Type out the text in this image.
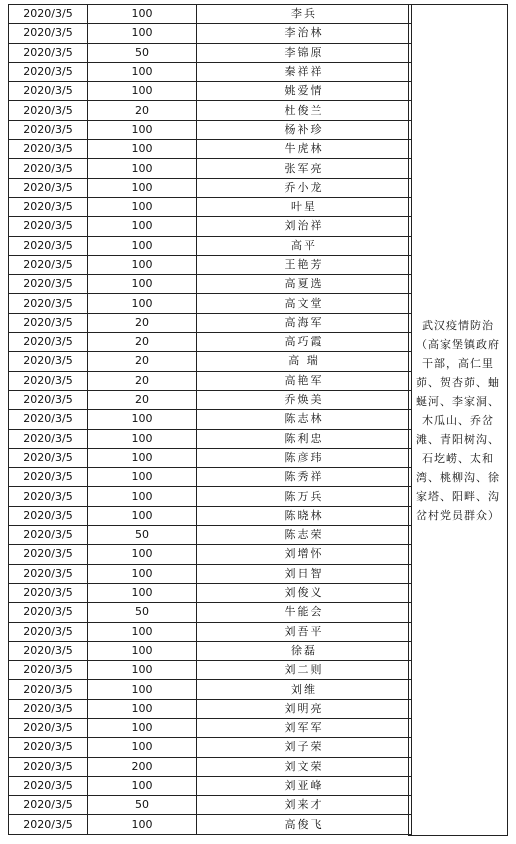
2020/3/5	100	李兵
2020/3/5	100	李治林
2020/3/5	50	李锦原
2020/3/5	100	秦祥祥
2020/3/5	100	姚爱情
2020/3/5	20	杜俊兰
2020/3/5	100	杨补珍
2020/3/5	100	牛虎林
2020/3/5	100	张军亮
2020/3/5	100	乔小龙
2020/3/5	100	叶星
2020/3/5	100	刘治祥
2020/3/5	100	高平
2020/3/5	100	王艳芳
2020/3/5	100	高夏选
2020/3/5	100	高文堂
2020/3/5	20	高海军
2020/3/5	20	高巧霞
2020/3/5	20	高 瑞
2020/3/5	20	高艳军
2020/3/5	20	乔焕美
2020/3/5	100	陈志林
2020/3/5	100	陈利忠
2020/3/5	100	陈彦玮
2020/3/5	100	陈秀祥
2020/3/5	100	陈万兵
2020/3/5	100	陈晓林
2020/3/5	50	陈志荣
2020/3/5	100	刘增怀
2020/3/5	100	刘日智
2020/3/5	100	刘俊义
2020/3/5	50	牛能会
2020/3/5	100	刘吾平
2020/3/5	100	徐磊
2020/3/5	100	刘二则
2020/3/5	100	刘维
2020/3/5	100	刘明亮
2020/3/5	100	刘军军
2020/3/5	100	刘子荣
2020/3/5	200	刘文荣
2020/3/5	100	刘亚峰
2020/3/5	50	刘来才
2020/3/5	100	高俊飞
武汉疫情防治（高家堡镇政府干部，高仁里茆、贺杏茆、蚰蜒河、李家洞、木瓜山、乔岔滩、青阳树沟、石圪崂、太和湾、桃柳沟、徐家塔、阳畔、沟岔村党员群众）
